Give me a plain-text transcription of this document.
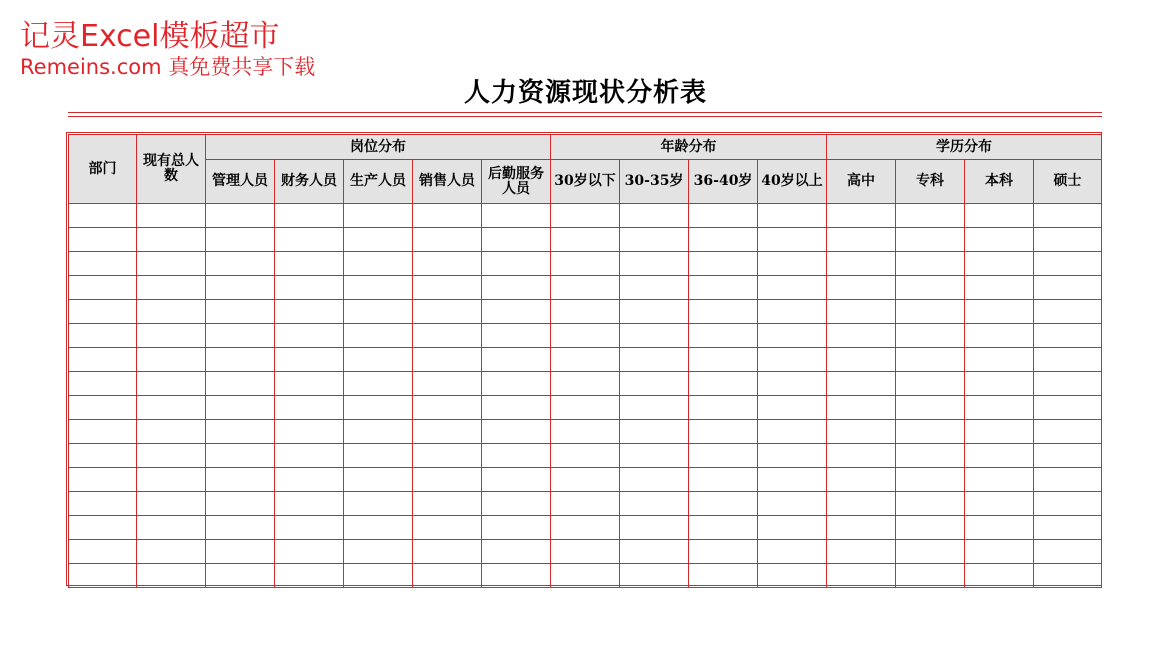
记灵Excel模板超市
Remeins.com 真免费共享下载
人力资源现状分析表
部门	现有总人数	岗位分布					年龄分布				学历分布			

		管理人员	财务人员	生产人员	销售人员	后勤服务人员	30岁以下	30-35岁	36-40岁	40岁以上	高中	专科	本科	硕士
